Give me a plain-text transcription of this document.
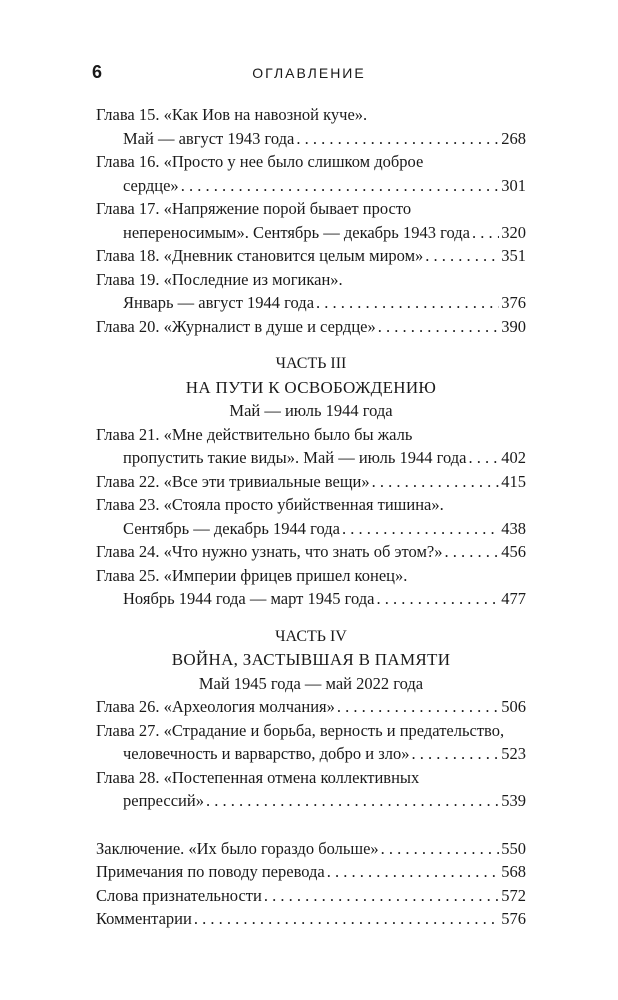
6	ОГЛАВЛЕНИЕ
Глава 15. «Как Иов на навозной куче».
Май — август 1943 года . . .	268
Глава 16. «Просто у нее было слишком доброе
сердце» . . .	301
Глава 17. «Напряжение порой бывает просто
непереносимым». Сентябрь — декабрь 1943 года . . . 320
Глава 18. «Дневник становится целым миром» . . .	351
Глава 19. «Последние из могикан».
Январь — август 1944 года . . .	376
Глава 20. «Журналист в душе и сердце» . . .	390
ЧАСТЬ III
НА ПУТИ К ОСВОБОЖДЕНИЮ
Май — июль 1944 года
Глава 21. «Мне действительно было бы жаль
пропустить такие виды». Май — июль 1944 года . . . 402
Глава 22. «Все эти тривиальные вещи» . . .	415
Глава 23. «Стояла просто убийственная тишина».
Сентябрь — декабрь 1944 года . . .	438
Глава 24. «Что нужно узнать, что знать об этом?» . . .	456
Глава 25. «Империи фрицев пришел конец».
Ноябрь 1944 года — март 1945 года . . .	477
ЧАСТЬ IV
ВОЙНА, ЗАСТЫВШАЯ В ПАМЯТИ
Май 1945 года — май 2022 года
Глава 26. «Археология молчания» . . .	506
Глава 27. «Страдание и борьба, верность и предательство,
человечность и варварство, добро и зло» . . .	523
Глава 28. «Постепенная отмена коллективных
репрессий» . . .	539
Заключение. «Их было гораздо больше» . . .	550
Примечания по поводу перевода . . .	568
Слова признательности . . .	572
Комментарии . . .	576
